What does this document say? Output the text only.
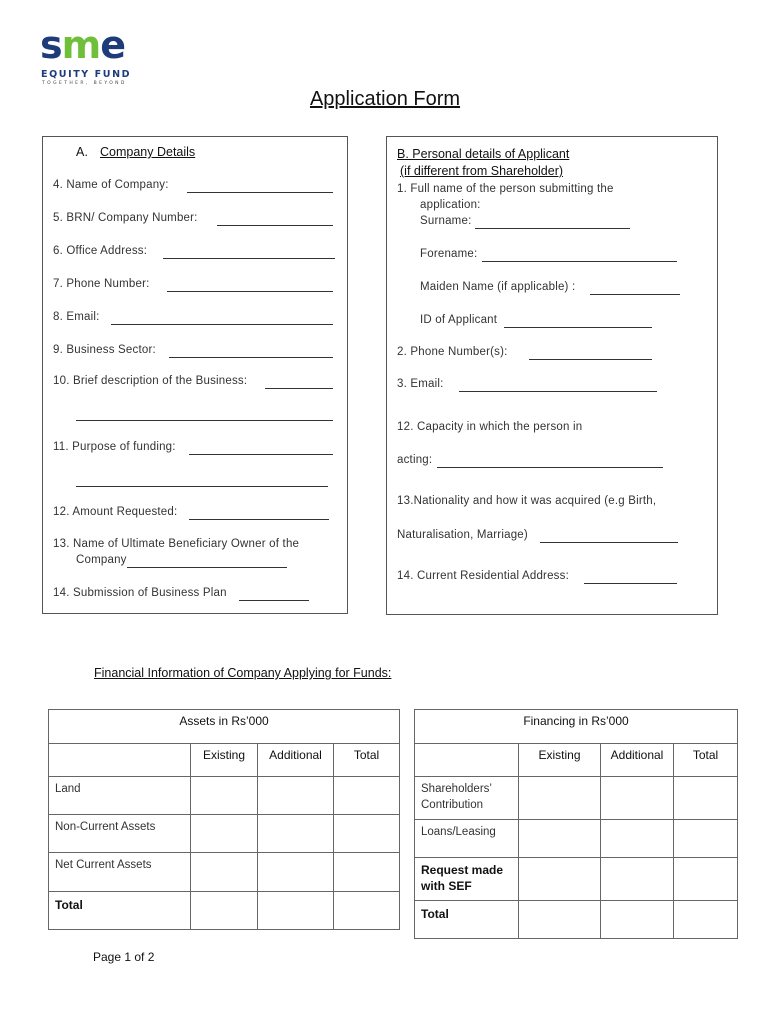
sme
EQUITY FUND
TOGETHER, BEYOND
Application Form
A. Company Details
4. Name of Company:
5. BRN/ Company Number:
6. Office Address:
7. Phone Number:
8. Email:
9. Business Sector:
10. Brief description of the Business:
11. Purpose of funding:
12. Amount Requested:
13. Name of Ultimate Beneficiary Owner of the
Company
14. Submission of Business Plan
B. Personal details of Applicant
(if different from Shareholder)
1. Full name of the person submitting the
application:
Surname:
Forename:
Maiden Name (if applicable) :
ID of Applicant
2. Phone Number(s):
3. Email:
12. Capacity in which the person in
acting:
13.Nationality and how it was acquired (e.g Birth,
Naturalisation, Marriage)
14. Current Residential Address:
Financial Information of Company Applying for Funds:
Assets in Rs’000			
	Existing	Additional	Total
Land			
Non-Current Assets			
Net Current Assets			
Total			
Financing in Rs’000			
	Existing	Additional	Total
Shareholders’ Contribution			
Loans/Leasing			
Request made with SEF			
Total			
Page 1 of 2
